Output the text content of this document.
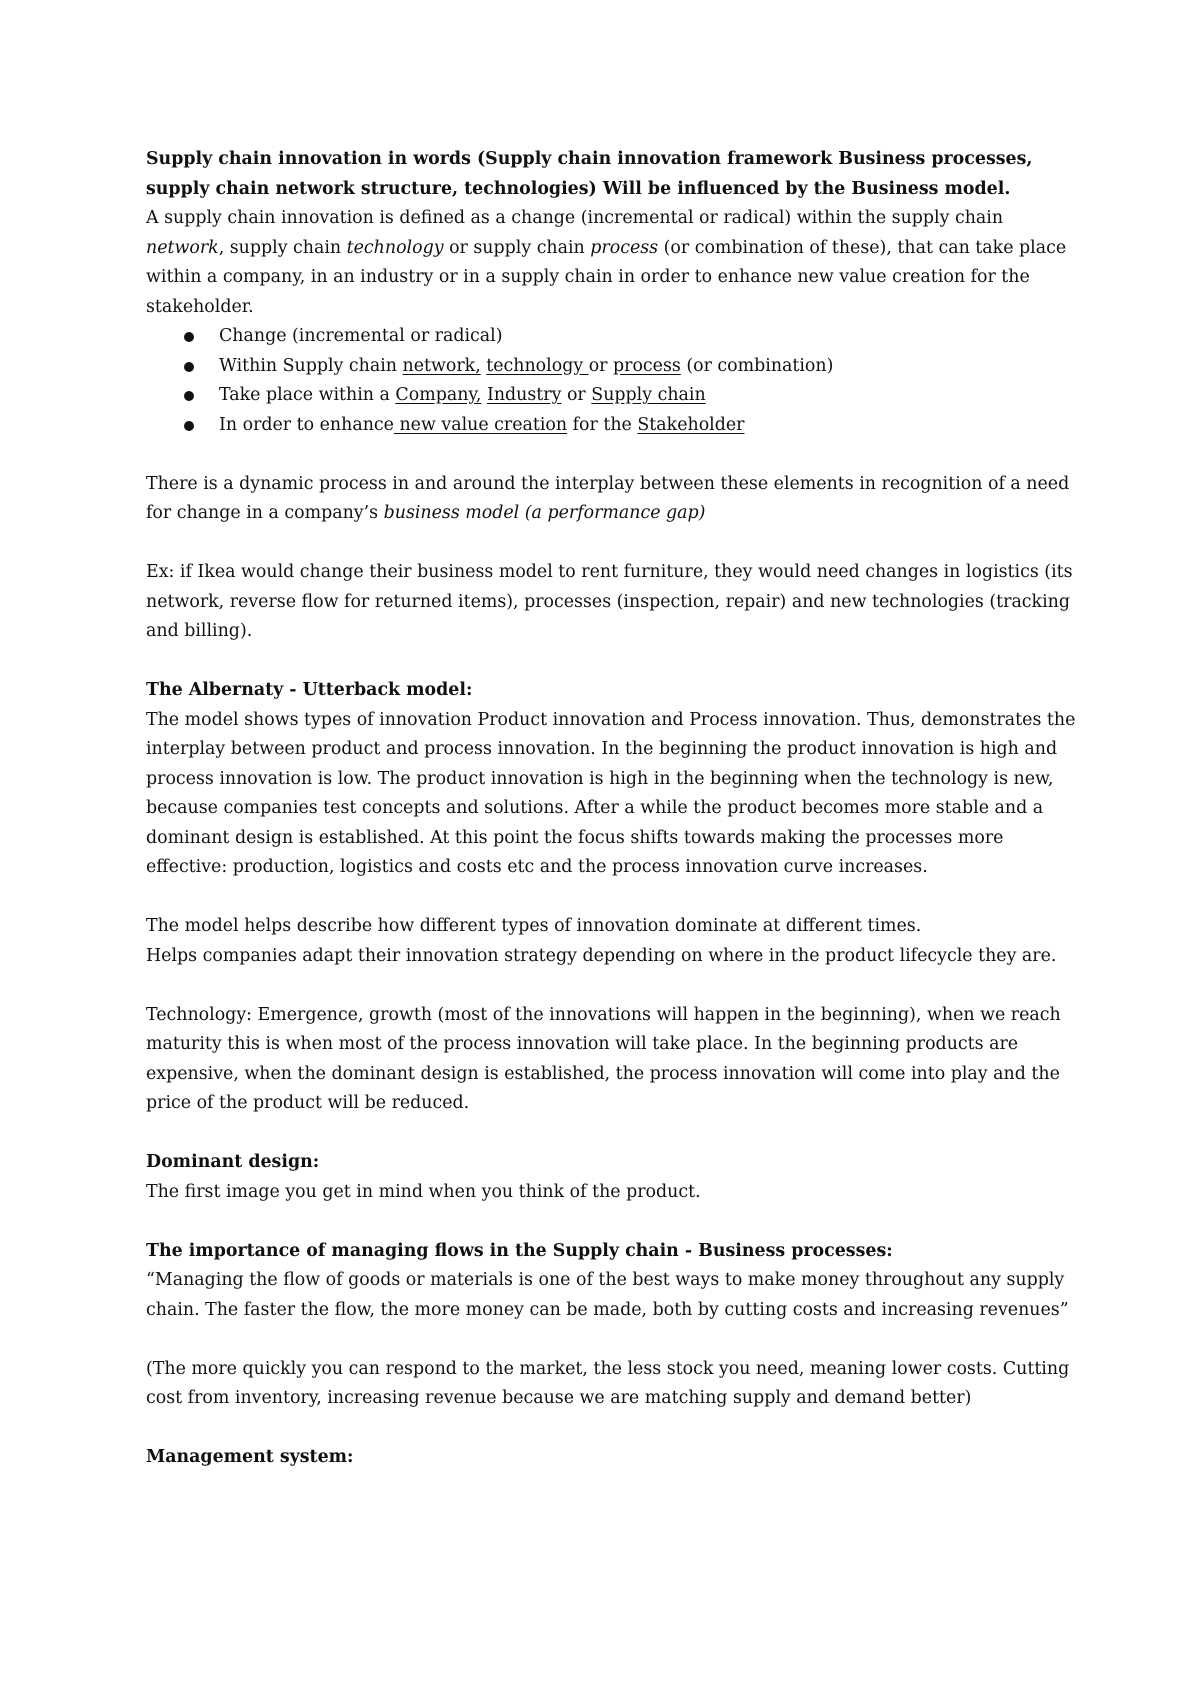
Supply chain innovation in words (Supply chain innovation framework Business processes,
supply chain network structure, technologies) Will be influenced by the Business model.

A supply chain innovation is defined as a change (incremental or radical) within the supply chain network, supply chain technology or supply chain process (or combination of these), that can take place within a company, in an industry or in a supply chain in order to enhance new value creation for the stakeholder.

Change (incremental or radical)
Within Supply chain network, technology or process (or combination)
Take place within a Company, Industry or Supply chain
In order to enhance new value creation for the Stakeholder

There is a dynamic process in and around the interplay between these elements in recognition of a need for change in a company’s business model (a performance gap)

Ex: if Ikea would change their business model to rent furniture, they would need changes in logistics (its network, reverse flow for returned items), processes (inspection, repair) and new technologies (tracking and billing).

The Albernaty - Utterback model:

The model shows types of innovation Product innovation and Process innovation. Thus, demonstrates the interplay between product and process innovation. In the beginning the product innovation is high and process innovation is low. The product innovation is high in the beginning when the technology is new, because companies test concepts and solutions. After a while the product becomes more stable and a dominant design is established. At this point the focus shifts towards making the processes more effective: production, logistics and costs etc and the process innovation curve increases.

The model helps describe how different types of innovation dominate at different times.

Helps companies adapt their innovation strategy depending on where in the product lifecycle they are.

Technology: Emergence, growth (most of the innovations will happen in the beginning), when we reach maturity this is when most of the process innovation will take place. In the beginning products are expensive, when the dominant design is established, the process innovation will come into play and the price of the product will be reduced.

Dominant design:

The first image you get in mind when you think of the product.

The importance of managing flows in the Supply chain - Business processes:

“Managing the flow of goods or materials is one of the best ways to make money throughout any supply chain. The faster the flow, the more money can be made, both by cutting costs and increasing revenues”

(The more quickly you can respond to the market, the less stock you need, meaning lower costs. Cutting cost from inventory, increasing revenue because we are matching supply and demand better)

Management system:
